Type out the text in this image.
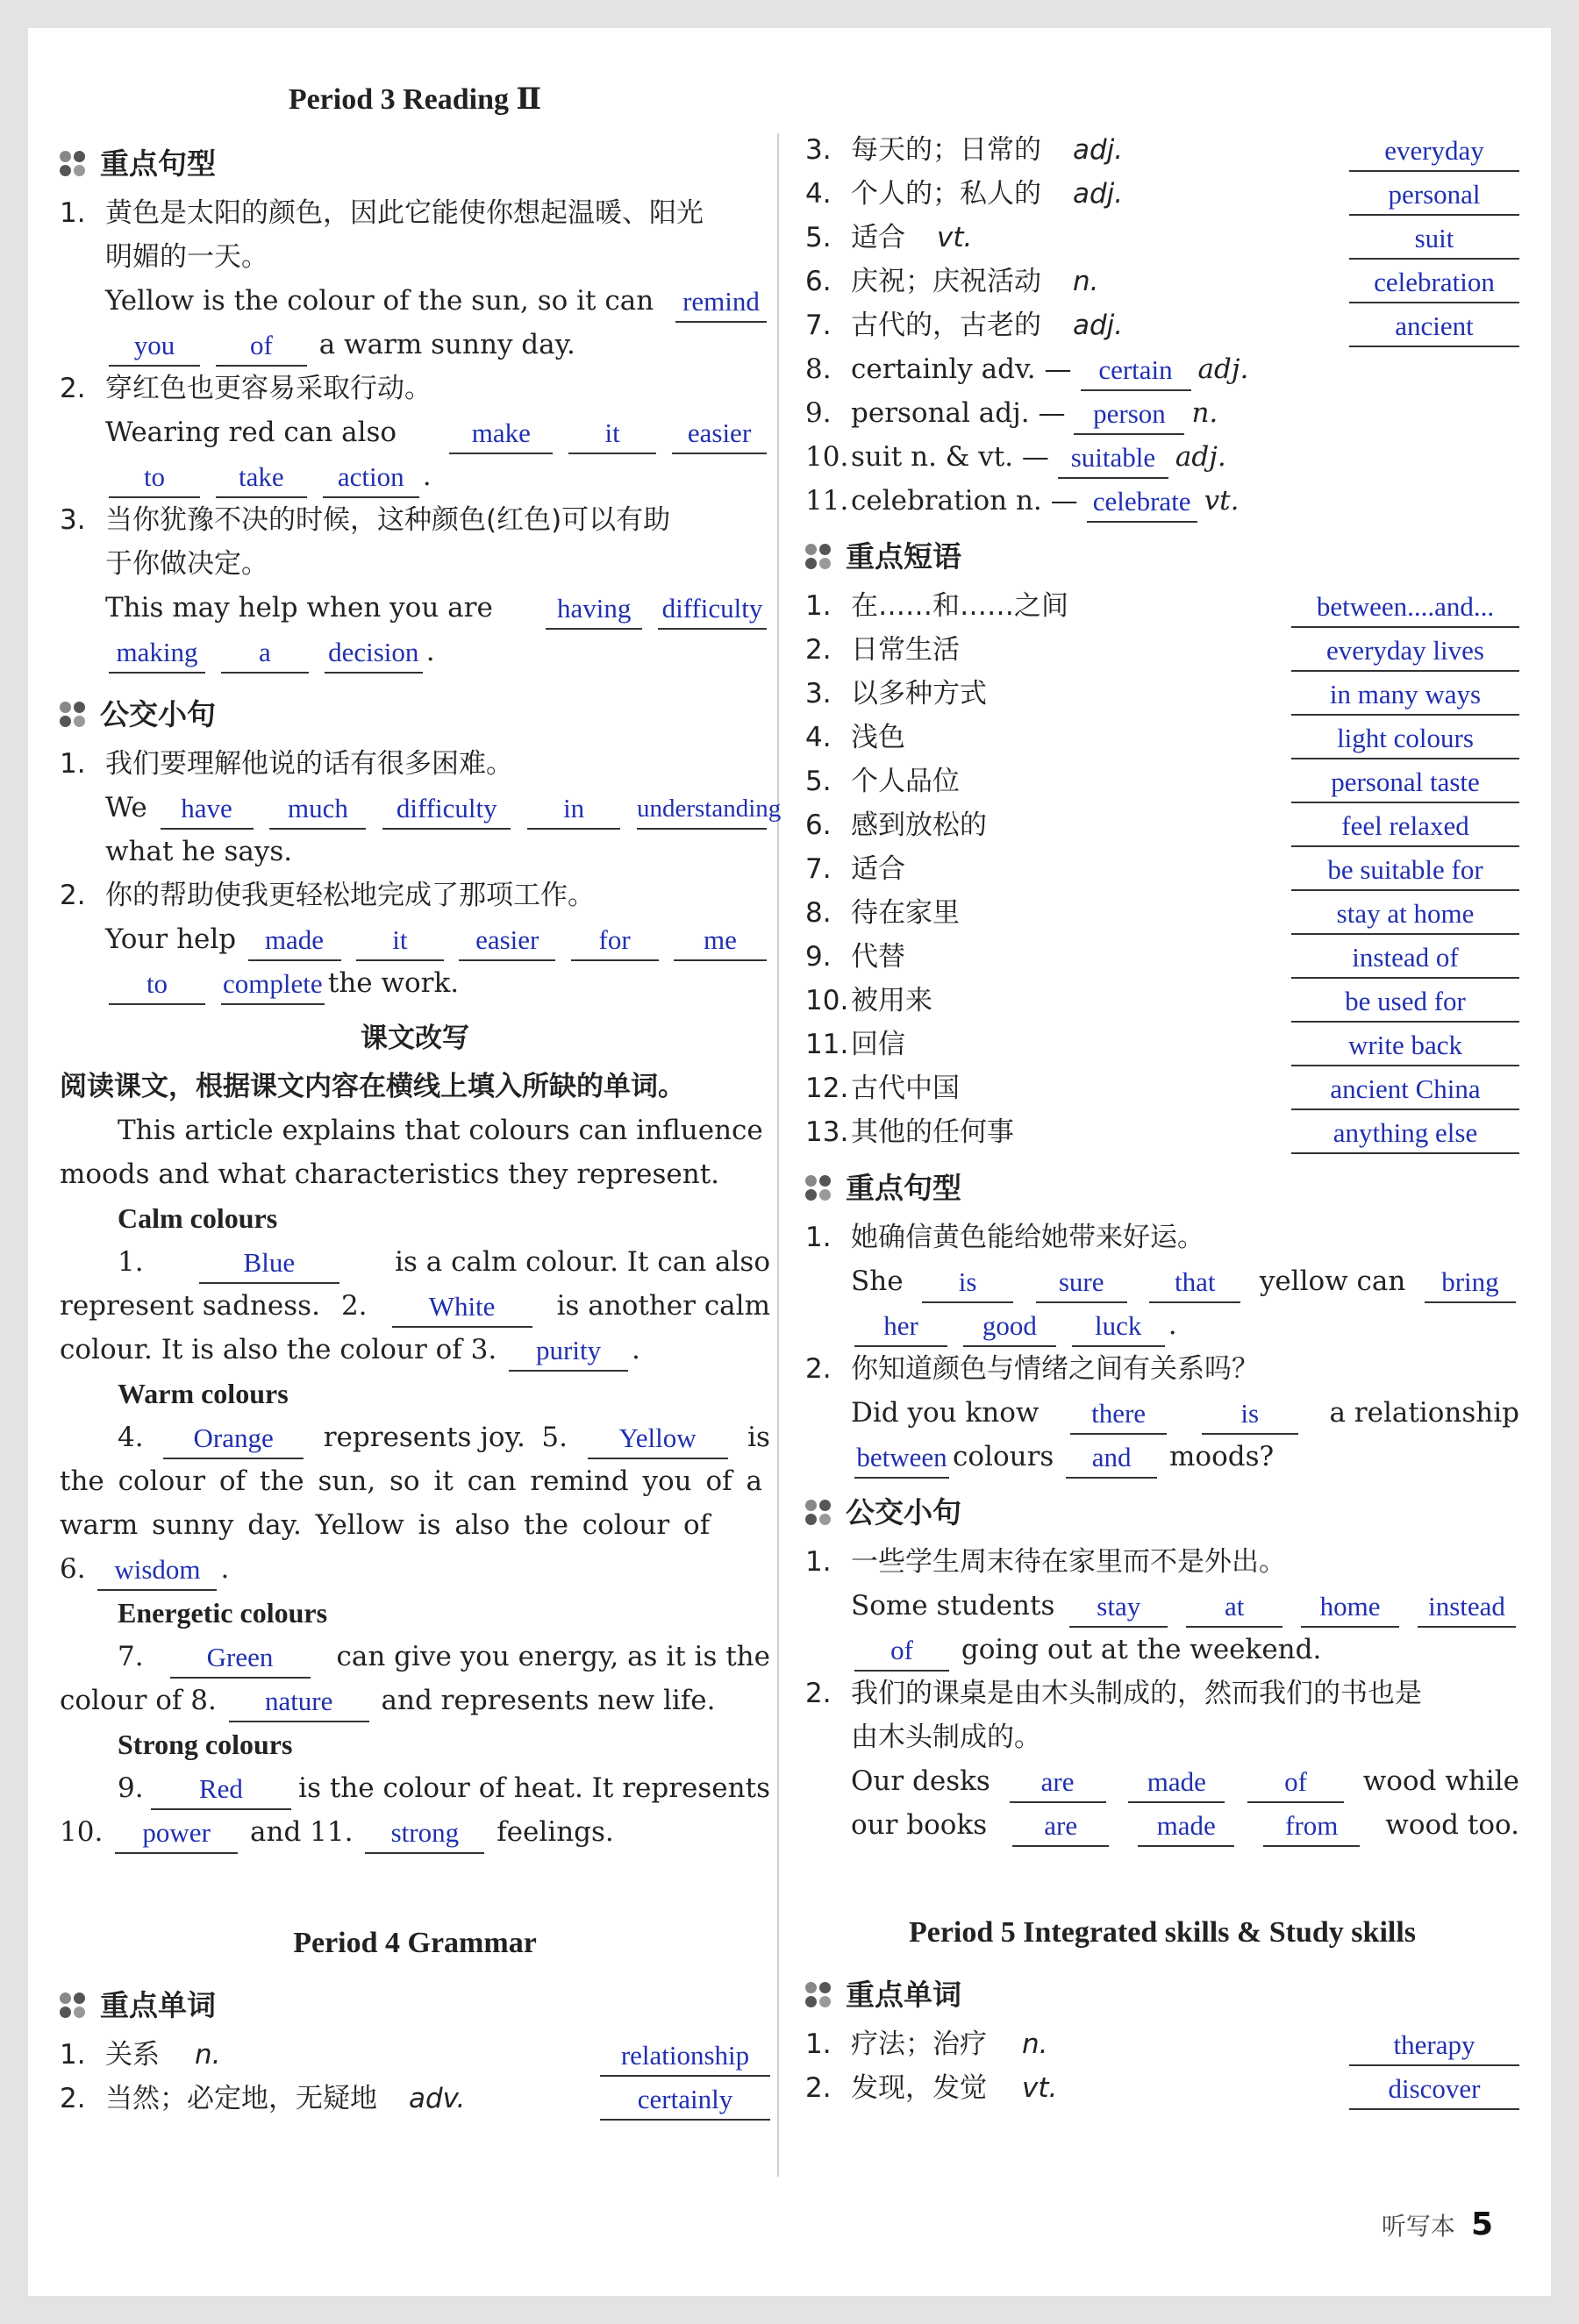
Period 3 Reading Ⅱ
重点句型
1. 黄色是太阳的颜色，因此它能使你想起温暖、阳光
明媚的一天。
Yellow is the colour of the sun, so it can remind
you	of a warm sunny day.
2. 穿红色也更容易采取行动。
Wearing red can also	make	it easier
to	take action .
3. 当你犹豫不决的时候，这种颜色(红色)可以有助
于你做决定。
This may help when you are	having difficulty
making a decision .
公交小句
1. 我们要理解他说的话有很多困难。
We	have	much	difficulty	in	understanding
what he says.
2. 你的帮助使我更轻松地完成了那项工作。
Your help	made	it	easier	for	me
to complete the work.
课文改写
阅读课文，根据课文内容在横线上填入所缺的单词。
This article explains that colours can influence
moods and what characteristics they represent.
Calm colours
1.	Blue	is a calm colour. It can also
represent sadness. 2.	White	is another calm
colour. It is also the colour of 3. purity .
Warm colours
4.	Orange	represents joy. 5.	Yellow	is
the colour of the sun, so it can remind you of a
warm sunny day. Yellow is also the colour of
6. wisdom .
Energetic colours
7.	Green	can give you energy, as it is the
colour of 8. nature and represents new life.
Strong colours
9.	Red	is the colour of heat. It represents
10. power and 11. strong feelings.
Period 4 Grammar
重点单词
1. 关系 n.	relationship
2. 当然；必定地，无疑地 adv.	certainly
3. 每天的；日常的 adj.	everyday
4. 个人的；私人的 adj.	personal
5. 适合 vt.	suit
6. 庆祝；庆祝活动 n.	celebration
7. 古代的，古老的 adj.	ancient
8. certainly adv. — certain adj.
9. personal adj. — person n.
10. suit n. & vt. — suitable adj.
11. celebration n. — celebrate vt.
重点短语
1. 在……和……之间	between....and...
2. 日常生活	everyday lives
3. 以多种方式	in many ways
4. 浅色	light colours
5. 个人品位	personal taste
6. 感到放松的	feel relaxed
7. 适合	be suitable for
8. 待在家里	stay at home
9. 代替	instead of
10. 被用来	be used for
11. 回信	write back
12. 古代中国	ancient China
13. 其他的任何事	anything else
重点句型
1. 她确信黄色能给她带来好运。
She	is	sure	that	yellow can	bring
her good luck .
2. 你知道颜色与情绪之间有关系吗？
Did you know	there	is	a relationship
between colours and moods?
公交小句
1. 一些学生周末待在家里而不是外出。
Some students	stay	at	home	instead
of going out at the weekend.
2. 我们的课桌是由木头制成的，然而我们的书也是
由木头制成的。
Our desks	are	made	of	wood while
our books	are	made	from	wood too.
Period 5 Integrated skills & Study skills
重点单词
1. 疗法；治疗 n.	therapy
2. 发现，发觉 vt.	discover
听写本 5
